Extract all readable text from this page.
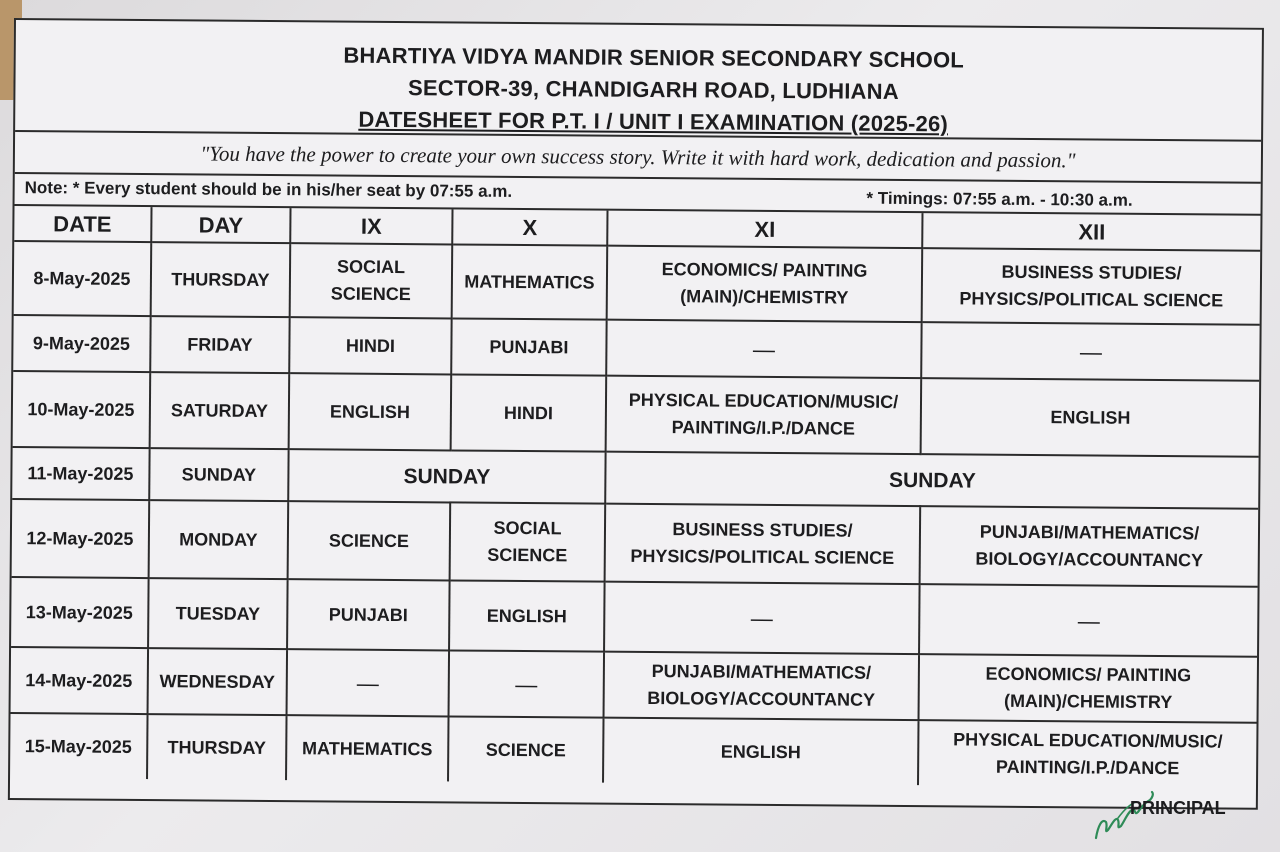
BHARTIYA VIDYA MANDIR SENIOR SECONDARY SCHOOL
SECTOR-39, CHANDIGARH ROAD, LUDHIANA
DATESHEET FOR P.T. I / UNIT I EXAMINATION (2025-26)
"You have the power to create your own success story. Write it with hard work, dedication and passion."
Note: * Every student should be in his/her seat by 07:55 a.m.	* Timings: 07:55 a.m. - 10:30 a.m.
DATE	DAY	IX	X	XI	XII
8-May-2025	THURSDAY	SOCIAL SCIENCE	MATHEMATICS	ECONOMICS/ PAINTING (MAIN)/CHEMISTRY	BUSINESS STUDIES/ PHYSICS/POLITICAL SCIENCE
9-May-2025	FRIDAY	HINDI	PUNJABI	—	—
10-May-2025	SATURDAY	ENGLISH	HINDI	PHYSICAL EDUCATION/MUSIC/ PAINTING/I.P./DANCE	ENGLISH
11-May-2025	SUNDAY	SUNDAY		SUNDAY	
12-May-2025	MONDAY	SCIENCE	SOCIAL SCIENCE	BUSINESS STUDIES/ PHYSICS/POLITICAL SCIENCE	PUNJABI/MATHEMATICS/ BIOLOGY/ACCOUNTANCY
13-May-2025	TUESDAY	PUNJABI	ENGLISH	—	—
14-May-2025	WEDNESDAY	—	—	PUNJABI/MATHEMATICS/ BIOLOGY/ACCOUNTANCY	ECONOMICS/ PAINTING (MAIN)/CHEMISTRY
15-May-2025	THURSDAY	MATHEMATICS	SCIENCE	ENGLISH	PHYSICAL EDUCATION/MUSIC/ PAINTING/I.P./DANCE
PRINCIPAL
